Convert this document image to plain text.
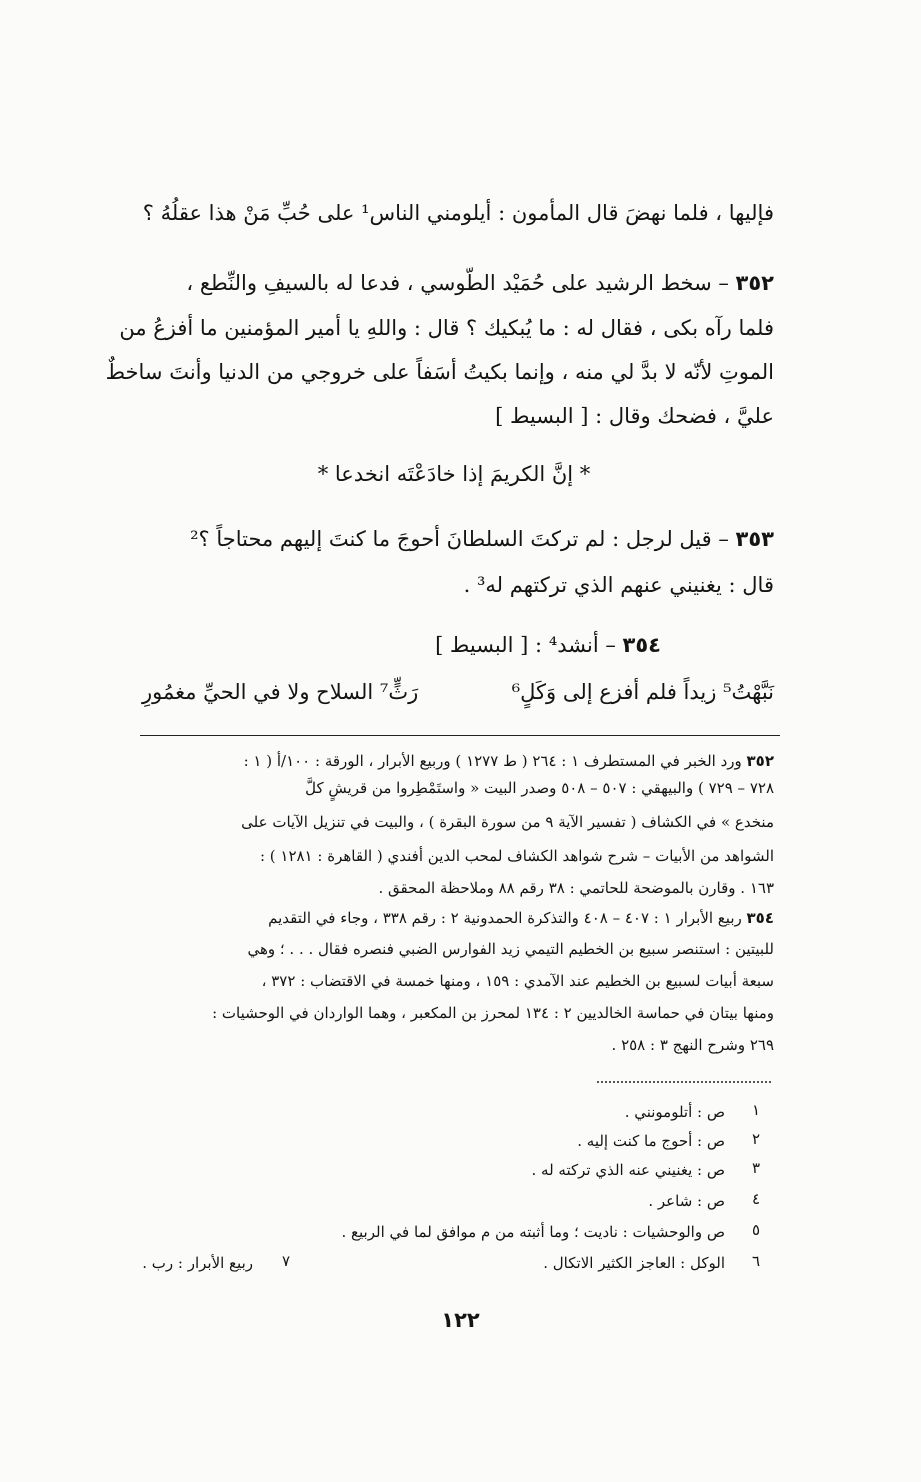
فإليها ، فلما نهضَ قال المأمون : أيلومني الناس¹ على حُبِّ مَنْ هذا عقلُهُ ؟
٣٥٢ – سخط الرشيد على حُمَيْد الطّوسي ، فدعا له بالسيفِ والنِّطع ،
فلما رآه بكى ، فقال له : ما يُبكيك ؟ قال : واللهِ يا أمير المؤمنين ما أفزعُ من
الموتِ لأنّه لا بدَّ لي منه ، وإنما بكيتُ أسَفاً على خروجي من الدنيا وأنتَ ساخطٌ
عليَّ ، فضحك وقال : [ البسيط ]
* إنَّ الكريمَ إذا خادَعْتَه انخدعا *
٣٥٣ – قيل لرجل : لم تركتَ السلطانَ أحوجَ ما كنتَ إليهم محتاجاً ؟²
قال : يغنيني عنهم الذي تركتهم له³ .
٣٥٤ – أنشد⁴ : [ البسيط ]
نَبَّهْتُ⁵ زيداً فلم أفزع إلى وَكَلٍ⁶
رَثٍّ⁷ السلاح ولا في الحيِّ مغمُورِ
٣٥٢ ورد الخبر في المستطرف ١ : ٢٦٤ ( ط ١٢٧٧ ) وربيع الأبرار ، الورقة : ١٠٠/أ ( ١ :
٧٢٨ – ٧٢٩ ) والبيهقي : ٥٠٧ – ٥٠٨ وصدر البيت « واستَمْطِروا من قريشٍ كلَّ
منخدع » في الكشاف ( تفسير الآية ٩ من سورة البقرة ) ، والبيت في تنزيل الآيات على
الشواهد من الأبيات – شرح شواهد الكشاف لمحب الدين أفندي ( القاهرة : ١٢٨١ ) :
١٦٣ . وقارن بالموضحة للحاتمي : ٣٨ رقم ٨٨ وملاحظة المحقق .
٣٥٤ ربيع الأبرار ١ : ٤٠٧ – ٤٠٨ والتذكرة الحمدونية ٢ : رقم ٣٣٨ ، وجاء في التقديم
للبيتين : استنصر سبيع بن الخطيم التيمي زيد الفوارس الضبي فنصره فقال . . . ؛ وهي
سبعة أبيات لسبيع بن الخطيم عند الآمدي : ١٥٩ ، ومنها خمسة في الاقتضاب : ٣٧٢ ،
ومنها بيتان في حماسة الخالديين ٢ : ١٣٤ لمحرز بن المكعبر ، وهما الواردان في الوحشيات :
٢٦٩ وشرح النهج ٣ : ٢٥٨ .
١
ص : أتلومونني .
٢
ص : أحوج ما كنت إليه .
٣
ص : يغنيني عنه الذي تركته له .
٤
ص : شاعر .
٥
ص والوحشيات : ناديت ؛ وما أثبته من م موافق لما في الربيع .
٦
الوكل : العاجز الكثير الاتكال .
٧
ربيع الأبرار : رب .
١٢٢
